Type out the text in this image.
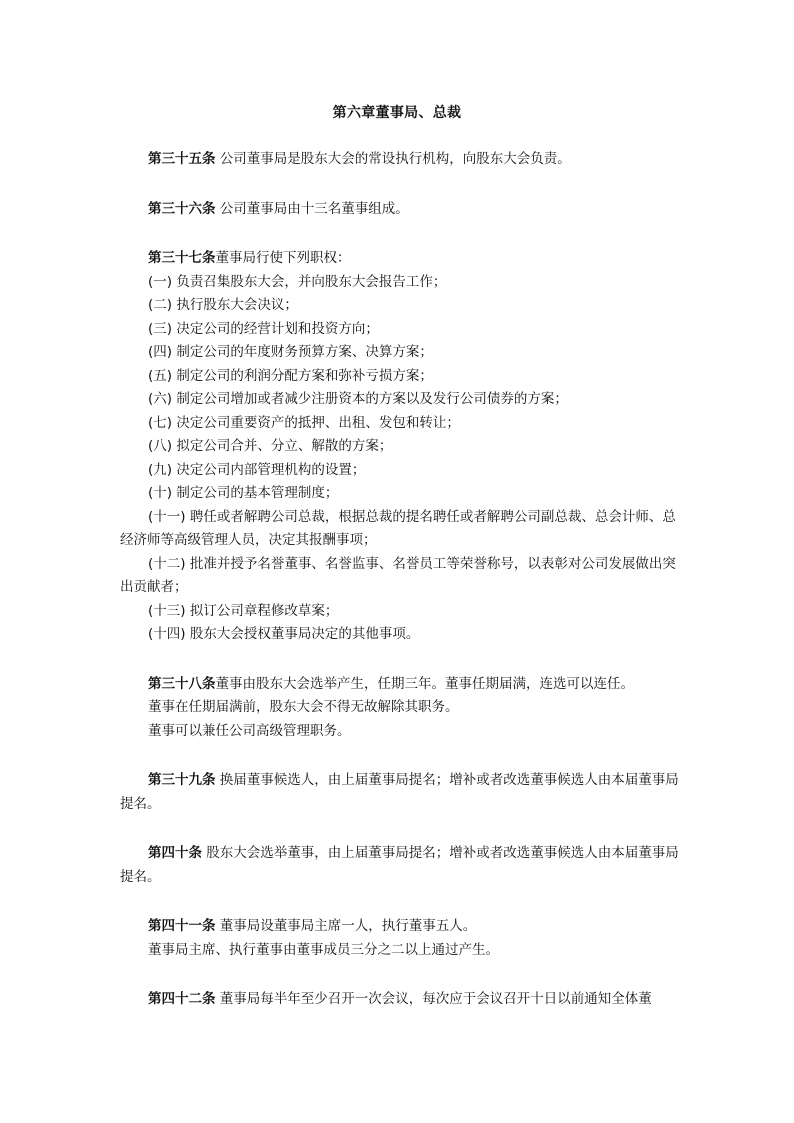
第六章董事局、总裁
第三十五条 公司董事局是股东大会的常设执行机构，向股东大会负责。
第三十六条 公司董事局由十三名董事组成。
第三十七条董事局行使下列职权：
(一) 负责召集股东大会，并向股东大会报告工作；
(二) 执行股东大会决议；
(三) 决定公司的经营计划和投资方向；
(四) 制定公司的年度财务预算方案、决算方案；
(五) 制定公司的利润分配方案和弥补亏损方案；
(六) 制定公司增加或者减少注册资本的方案以及发行公司债券的方案；
(七) 决定公司重要资产的抵押、出租、发包和转让；
(八) 拟定公司合并、分立、解散的方案；
(九) 决定公司内部管理机构的设置；
(十) 制定公司的基本管理制度；
(十一) 聘任或者解聘公司总裁，根据总裁的提名聘任或者解聘公司副总裁、总会计师、总经济师等高级管理人员，决定其报酬事项；
(十二) 批准并授予名誉董事、名誉监事、名誉员工等荣誉称号，以表彰对公司发展做出突出贡献者；
(十三) 拟订公司章程修改草案；
(十四) 股东大会授权董事局决定的其他事项。
第三十八条董事由股东大会选举产生，任期三年。董事任期届满，连选可以连任。
董事在任期届满前，股东大会不得无故解除其职务。
董事可以兼任公司高级管理职务。
第三十九条 换届董事候选人，由上届董事局提名；增补或者改选董事候选人由本届董事局提名。
第四十条 股东大会选举董事，由上届董事局提名；增补或者改选董事候选人由本届董事局提名。
第四十一条 董事局设董事局主席一人，执行董事五人。
董事局主席、执行董事由董事成员三分之二以上通过产生。
第四十二条 董事局每半年至少召开一次会议，每次应于会议召开十日以前通知全体董
